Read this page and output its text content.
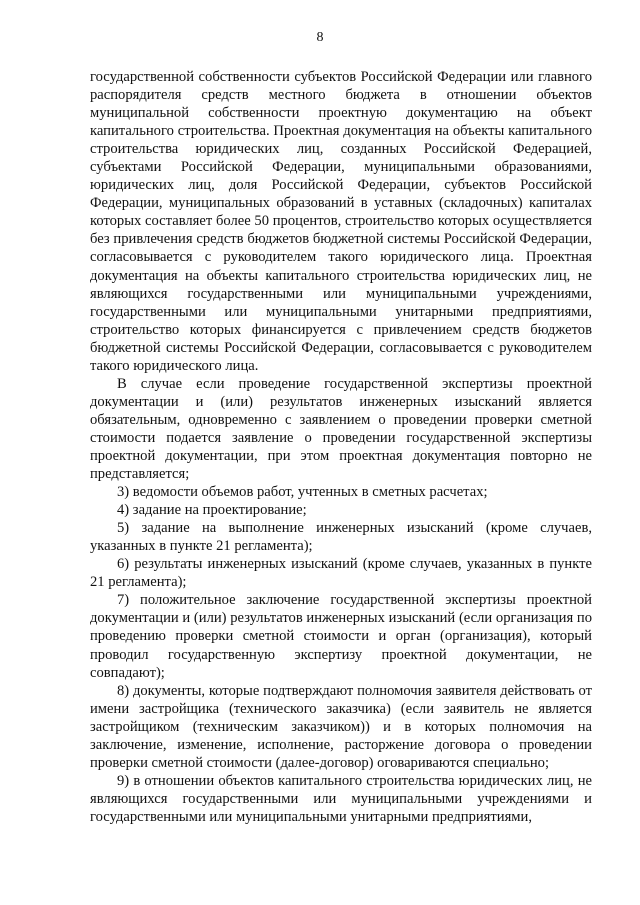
8

государственной собственности субъектов Российской Федерации или главного распорядителя средств местного бюджета в отношении объектов муниципальной собственности проектную документацию на объект капитального строительства. Проектная документация на объекты капитального строительства юридических лиц, созданных Российской Федерацией, субъектами Российской Федерации, муниципальными образованиями, юридических лиц, доля Российской Федерации, субъектов Российской Федерации, муниципальных образований в уставных (складочных) капиталах которых составляет более 50 процентов, строительство которых осуществляется без привлечения средств бюджетов бюджетной системы Российской Федерации, согласовывается с руководителем такого юридического лица. Проектная документация на объекты капитального строительства юридических лиц, не являющихся государственными или муниципальными учреждениями, государственными или муниципальными унитарными предприятиями, строительство которых финансируется с привлечением средств бюджетов бюджетной системы Российской Федерации, согласовывается с руководителем такого юридического лица.

В случае если проведение государственной экспертизы проектной документации и (или) результатов инженерных изысканий является обязательным, одновременно с заявлением о проведении проверки сметной стоимости подается заявление о проведении государственной экспертизы проектной документации, при этом проектная документация повторно не представляется;

3) ведомости объемов работ, учтенных в сметных расчетах;

4) задание на проектирование;

5) задание на выполнение инженерных изысканий (кроме случаев, указанных в пункте 21 регламента);

6) результаты инженерных изысканий (кроме случаев, указанных в пункте 21 регламента);

7) положительное заключение государственной экспертизы проектной документации и (или) результатов инженерных изысканий (если организация по проведению проверки сметной стоимости и орган (организация), который проводил государственную экспертизу проектной документации, не совпадают);

8) документы, которые подтверждают полномочия заявителя действовать от имени застройщика (технического заказчика) (если заявитель не является застройщиком (техническим заказчиком)) и в которых полномочия на заключение, изменение, исполнение, расторжение договора о проведении проверки сметной стоимости (далее-договор) оговариваются специально;

9) в отношении объектов капитального строительства юридических лиц, не являющихся государственными или муниципальными учреждениями и государственными или муниципальными унитарными предприятиями,
